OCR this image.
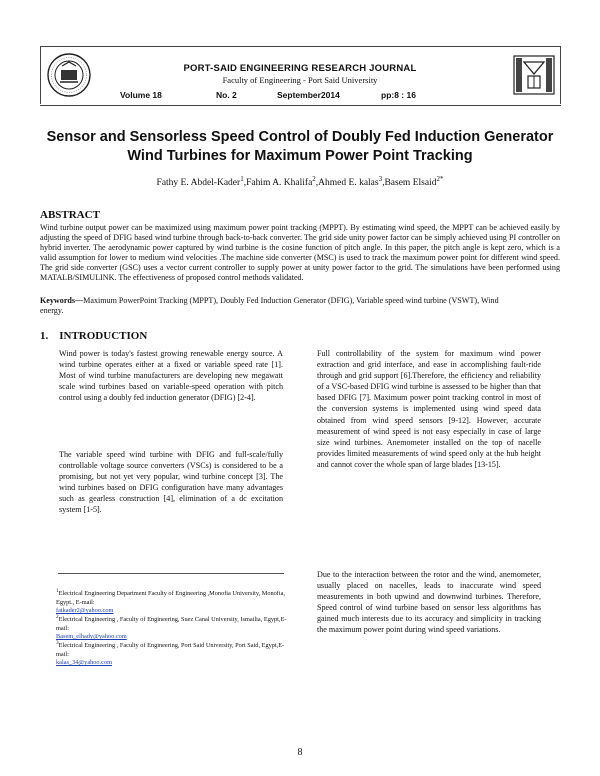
PORT-SAID ENGINEERING RESEARCH JOURNAL
Faculty of Engineering - Port Said University
Volume 18	No. 2	September2014	pp:8 : 16
Sensor and Sensorless Speed Control of Doubly Fed Induction Generator
Wind Turbines for Maximum Power Point Tracking
Fathy E. Abdel-Kader$^1$,Fahim A. Khalifa$^2$,Ahmed E. kalas$^3$,Basem Elsaid$^{2*}$
ABSTRACT
Wind turbine output power can be maximized using maximum power point tracking (MPPT). By estimating wind speed, the MPPT can be achieved easily by adjusting the speed of DFIG based wind turbine through back-to-back converter. The grid side unity power factor can be simply achieved using PI controller on hybrid inverter. The aerodynamic power captured by wind turbine is the cosine function of pitch angle. In this paper, the pitch angle is kept zero, which is a valid assumption for lower to medium wind velocities .The machine side converter (MSC) is used to track the maximum power point for different wind speed. The grid side converter (GSC) uses a vector current controller to supply power at unity power factor to the grid. The simulations have been performed using MATALB/SIMULINK. The effectiveness of proposed control methods validated.
Keywords—Maximum PowerPoint Tracking (MPPT), Doubly Fed Induction Generator (DFIG), Variable speed wind turbine (VSWT), Wind energy.
1. INTRODUCTION
Wind power is today's fastest growing renewable energy source. A wind turbine operates either at a fixed or variable speed rate [1]. Most of wind turbine manufacturers are developing new megawatt scale wind turbines based on variable-speed operation with pitch control using a doubly fed induction generator (DFIG) [2-4].
The variable speed wind turbine with DFIG and full-scale/fully controllable voltage source converters (VSCs) is considered to be a promising, but not yet very popular, wind turbine concept [3]. The wind turbines based on DFIG configuration have many advantages such as gearless construction [4], elimination of a dc excitation system [1-5].
Full controllability of the system for maximum wind power extraction and grid interface, and ease in accomplishing fault-ride through and grid support [6].Therefore, the efficiency and reliability of a VSC-based DFIG wind turbine is assessed to be higher than that based DFIG [7]. Maximum power point tracking control in most of the conversion systems is implemented using wind speed data obtained from wind speed sensors [9-12]. However, accurate measurement of wind speed is not easy especially in case of large size wind turbines. Anemometer installed on the top of nacelle provides limited measurements of wind speed only at the hub height and cannot cover the whole span of large blades [13-15].
Due to the interaction between the rotor and the wind, anemometer, usually placed on nacelles, leads to inaccurate wind speed measurements in both upwind and downwind turbines. Therefore, Speed control of wind turbine based on sensor less algorithms has gained much interests due to its accuracy and simplicity in tracking the maximum power point during wind speed variations.
$^1$Electrical Engineering Department Faculty of Engineering ,Monofia University, Monofia, Egypt., E-mail:
fatkader2@yahoo.com
$^2$Electrical Engineering , Faculty of Engineering, Suez Canal University, Ismailia, Egypt,E-mail:
Basem_elhady@yahoo.com
$^3$Electrical Engineering , Faculty of Engineering, Port Said University, Port Said, Egypt,E-mail:
kalas_34@yahoo.com
8
